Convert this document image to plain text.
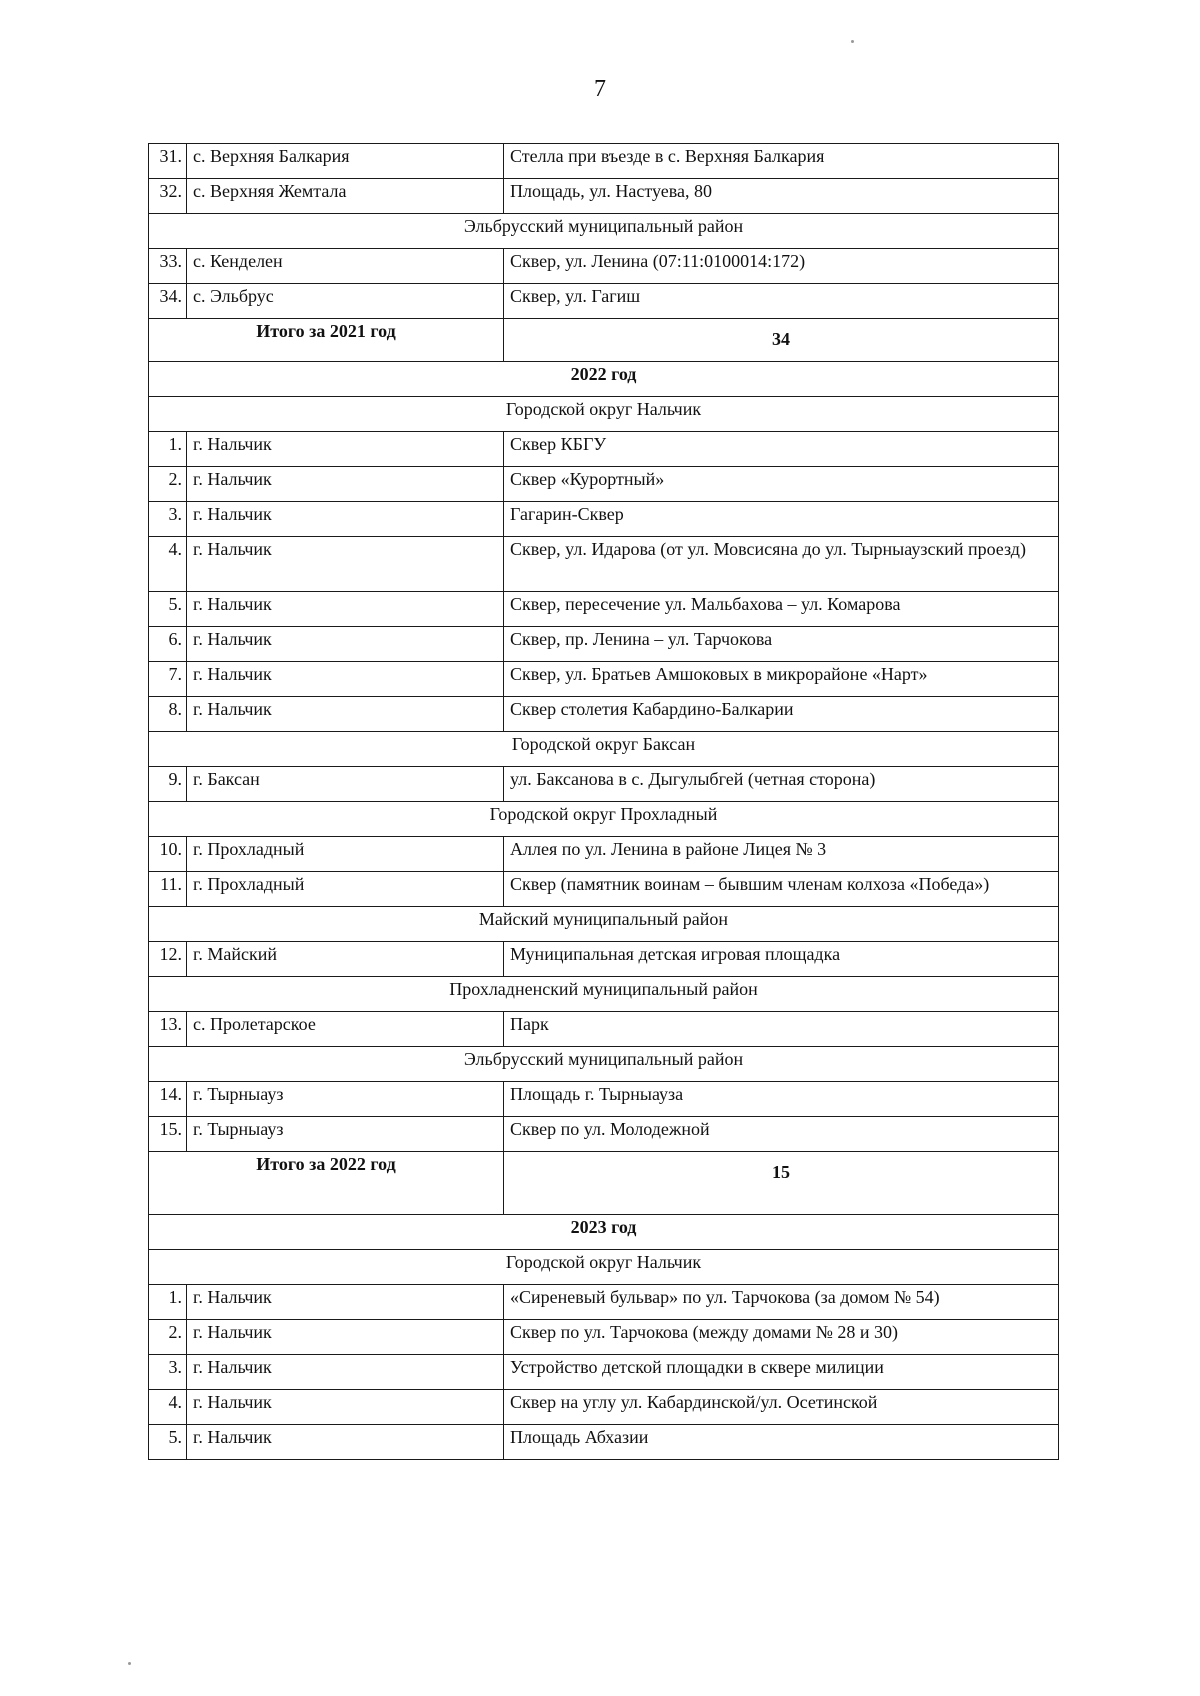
7
31.	с. Верхняя Балкария	Стелла при въезде в с. Верхняя Балкария
32.	с. Верхняя Жемтала	Площадь, ул. Настуева, 80
Эльбрусский муниципальный район		
33.	с. Кенделен	Сквер, ул. Ленина (07:11:0100014:172)
34.	с. Эльбрус	Сквер, ул. Гагиш
Итого за 2021 год		34
2022 год		
Городской округ Нальчик		
1.	г. Нальчик	Сквер КБГУ
2.	г. Нальчик	Сквер «Курортный»
3.	г. Нальчик	Гагарин-Сквер
4.	г. Нальчик	Сквер, ул. Идарова (от ул. Мовсисяна до ул. Тырныаузский проезд)
5.	г. Нальчик	Сквер, пересечение ул. Мальбахова – ул. Комарова
6.	г. Нальчик	Сквер, пр. Ленина – ул. Тарчокова
7.	г. Нальчик	Сквер, ул. Братьев Амшоковых в микрорайоне «Нарт»
8.	г. Нальчик	Сквер столетия Кабардино-Балкарии
Городской округ Баксан		
9.	г. Баксан	ул. Баксанова в с. Дыгулыбгей (четная сторона)
Городской округ Прохладный		
10.	г. Прохладный	Аллея по ул. Ленина в районе Лицея № 3
11.	г. Прохладный	Сквер (памятник воинам – бывшим членам колхоза «Победа»)
Майский муниципальный район		
12.	г. Майский	Муниципальная детская игровая площадка
Прохладненский муниципальный район		
13.	с. Пролетарское	Парк
Эльбрусский муниципальный район		
14.	г. Тырныауз	Площадь г. Тырныауза
15.	г. Тырныауз	Сквер по ул. Молодежной
Итого за 2022 год		15
2023 год		
Городской округ Нальчик		
1.	г. Нальчик	«Сиреневый бульвар» по ул. Тарчокова (за домом № 54)
2.	г. Нальчик	Сквер по ул. Тарчокова (между домами № 28 и 30)
3.	г. Нальчик	Устройство детской площадки в сквере милиции
4.	г. Нальчик	Сквер на углу ул. Кабардинской/ул. Осетинской
5.	г. Нальчик	Площадь Абхазии
